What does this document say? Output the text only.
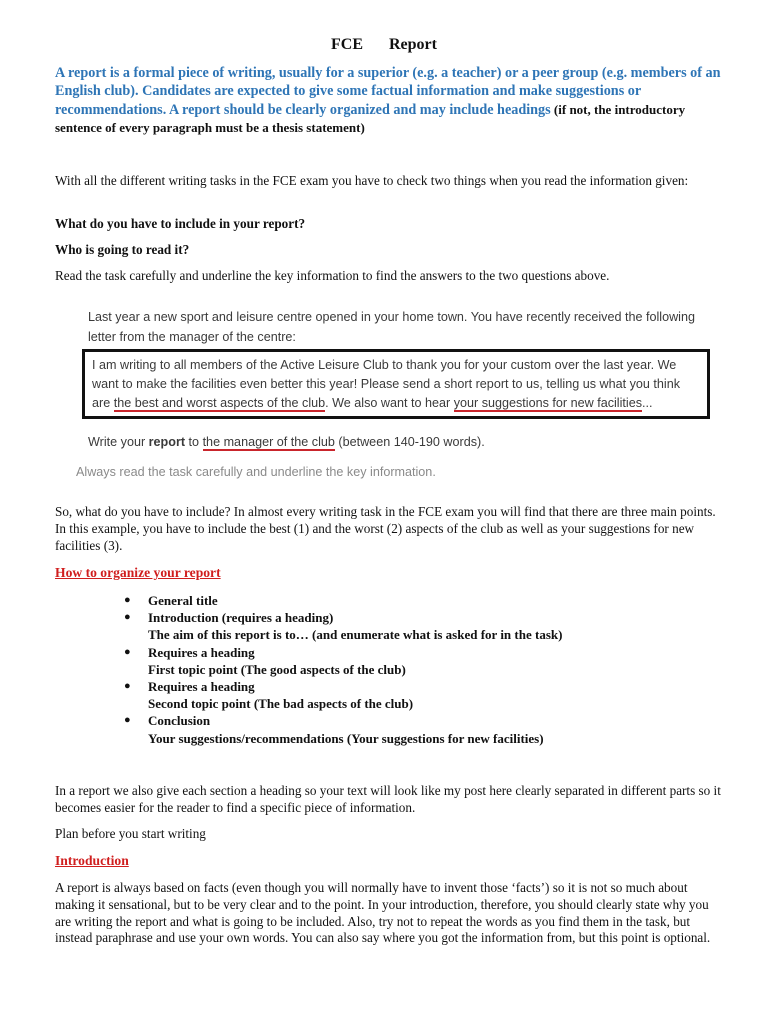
FCE Report
A report is a formal piece of writing, usually for a superior (e.g. a teacher) or a peer group (e.g. members of an English club). Candidates are expected to give some factual information and make suggestions or recommendations. A report should be clearly organized and may include headings (if not, the introductory sentence of every paragraph must be a thesis statement)
With all the different writing tasks in the FCE exam you have to check two things when you read the information given:
What do you have to include in your report?
Who is going to read it?
Read the task carefully and underline the key information to find the answers to the two questions above.
Last year a new sport and leisure centre opened in your home town. You have recently received the following
letter from the manager of the centre:
I am writing to all members of the Active Leisure Club to thank you for your custom over the last year. We
want to make the facilities even better this year! Please send a short report to us, telling us what you think
are the best and worst aspects of the club. We also want to hear your suggestions for new facilities...
Write your report to the manager of the club (between 140-190 words).
Always read the task carefully and underline the key information.
So, what do you have to include? In almost every writing task in the FCE exam you will find that there are three main points. In this example, you have to include the best (1) and the worst (2) aspects of the club as well as your suggestions for new facilities (3).
How to organize your report
● General title
● Introduction (requires a heading)
The aim of this report is to… (and enumerate what is asked for in the task)
● Requires a heading
First topic point (The good aspects of the club)
● Requires a heading
Second topic point (The bad aspects of the club)
● Conclusion
Your suggestions/recommendations (Your suggestions for new facilities)
In a report we also give each section a heading so your text will look like my post here clearly separated in different parts so it becomes easier for the reader to find a specific piece of information.
Plan before you start writing
Introduction
A report is always based on facts (even though you will normally have to invent those ‘facts’) so it is not so much about making it sensational, but to be very clear and to the point. In your introduction, therefore, you should clearly state why you are writing the report and what is going to be included. Also, try not to repeat the words as you find them in the task, but instead paraphrase and use your own words. You can also say where you got the information from, but this point is optional.
